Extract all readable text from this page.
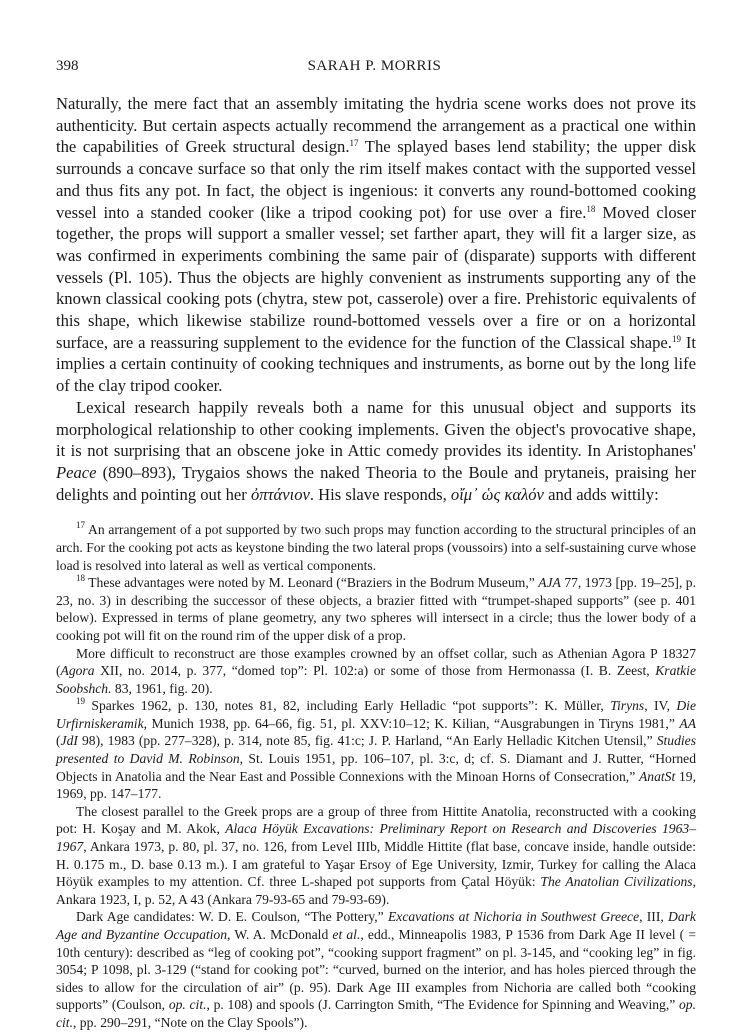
398	SARAH P. MORRIS

Naturally, the mere fact that an assembly imitating the hydria scene works does not prove its authenticity. But certain aspects actually recommend the arrangement as a practical one within the capabilities of Greek structural design.$^{17}$ The splayed bases lend stability; the upper disk surrounds a concave surface so that only the rim itself makes contact with the supported vessel and thus fits any pot. In fact, the object is ingenious: it converts any round-bottomed cooking vessel into a standed cooker (like a tripod cooking pot) for use over a fire.$^{18}$ Moved closer together, the props will support a smaller vessel; set farther apart, they will fit a larger size, as was confirmed in experiments combining the same pair of (disparate) supports with different vessels (Pl. 105). Thus the objects are highly convenient as instruments supporting any of the known classical cooking pots (chytra, stew pot, casserole) over a fire. Prehistoric equivalents of this shape, which likewise stabilize round-bottomed vessels over a fire or on a horizontal surface, are a reassuring supplement to the evidence for the function of the Classical shape.$^{19}$ It implies a certain continuity of cooking techniques and instruments, as borne out by the long life of the clay tripod cooker.

Lexical research happily reveals both a name for this unusual object and supports its morphological relationship to other cooking implements. Given the object's provocative shape, it is not surprising that an obscene joke in Attic comedy provides its identity. In Aristophanes' Peace (890–893), Trygaios shows the naked Theoria to the Boule and prytaneis, praising her delights and pointing out her ὀπτάνιον. His slave responds, οἴμ᾽ ὡς καλόν and adds wittily:

$^{17}$ An arrangement of a pot supported by two such props may function according to the structural principles of an arch. For the cooking pot acts as keystone binding the two lateral props (voussoirs) into a self-sustaining curve whose load is resolved into lateral as well as vertical components.

$^{18}$ These advantages were noted by M. Leonard (“Braziers in the Bodrum Museum,” AJA 77, 1973 [pp. 19–25], p. 23, no. 3) in describing the successor of these objects, a brazier fitted with “trumpet-shaped supports” (see p. 401 below). Expressed in terms of plane geometry, any two spheres will intersect in a circle; thus the lower body of a cooking pot will fit on the round rim of the upper disk of a prop.

More difficult to reconstruct are those examples crowned by an offset collar, such as Athenian Agora P 18327 (Agora XII, no. 2014, p. 377, “domed top”: Pl. 102:a) or some of those from Hermonassa (I. B. Zeest, Kratkie Soobshch. 83, 1961, fig. 20).

$^{19}$ Sparkes 1962, p. 130, notes 81, 82, including Early Helladic “pot supports”: K. Müller, Tiryns, IV, Die Urfirniskeramik, Munich 1938, pp. 64–66, fig. 51, pl. XXV:10–12; K. Kilian, “Ausgrabungen in Tiryns 1981,” AA (JdI 98), 1983 (pp. 277–328), p. 314, note 85, fig. 41:c; J. P. Harland, “An Early Helladic Kitchen Utensil,” Studies presented to David M. Robinson, St. Louis 1951, pp. 106–107, pl. 3:c, d; cf. S. Diamant and J. Rutter, “Horned Objects in Anatolia and the Near East and Possible Connexions with the Minoan Horns of Consecration,” AnatSt 19, 1969, pp. 147–177.

The closest parallel to the Greek props are a group of three from Hittite Anatolia, reconstructed with a cooking pot: H. Koşay and M. Akok, Alaca Höyük Excavations: Preliminary Report on Research and Discoveries 1963–1967, Ankara 1973, p. 80, pl. 37, no. 126, from Level IIIb, Middle Hittite (flat base, concave inside, handle outside: H. 0.175 m., D. base 0.13 m.). I am grateful to Yaşar Ersoy of Ege University, Izmir, Turkey for calling the Alaca Höyük examples to my attention. Cf. three L-shaped pot supports from Çatal Höyük: The Anatolian Civilizations, Ankara 1923, I, p. 52, A 43 (Ankara 79-93-65 and 79-93-69).

Dark Age candidates: W. D. E. Coulson, “The Pottery,” Excavations at Nichoria in Southwest Greece, III, Dark Age and Byzantine Occupation, W. A. McDonald et al., edd., Minneapolis 1983, P 1536 from Dark Age II level ( = 10th century): described as “leg of cooking pot”, “cooking support fragment” on pl. 3-145, and “cooking leg” in fig. 3054; P 1098, pl. 3-129 (“stand for cooking pot”: “curved, burned on the interior, and has holes pierced through the sides to allow for the circulation of air” (p. 95). Dark Age III examples from Nichoria are called both “cooking supports” (Coulson, op. cit., p. 108) and spools (J. Carrington Smith, “The Evidence for Spinning and Weaving,” op. cit., pp. 290–291, “Note on the Clay Spools”).
